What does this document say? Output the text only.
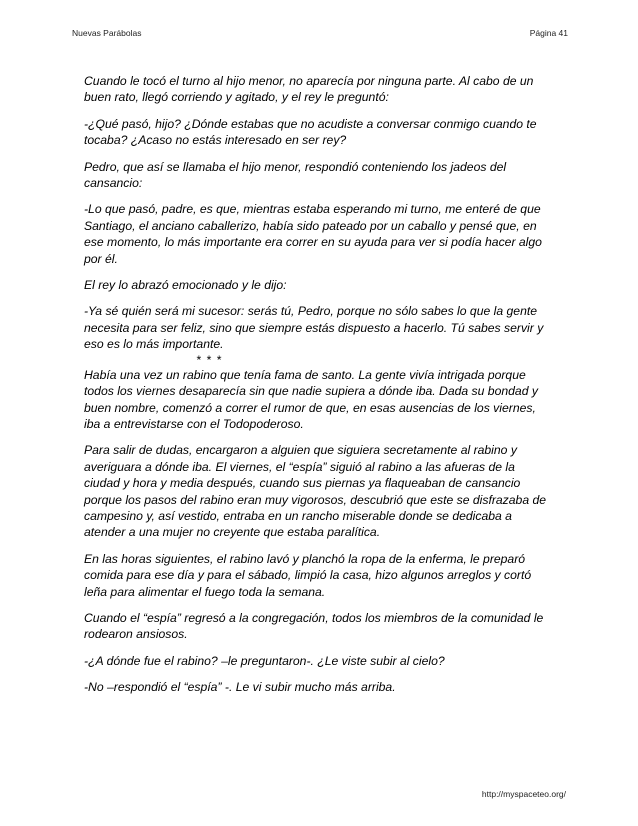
Nuevas Parábolas	Página 41

Cuando le tocó el turno al hijo menor, no aparecía por ninguna parte. Al cabo de un buen rato, llegó corriendo y agitado, y el rey le preguntó:

-¿Qué pasó, hijo? ¿Dónde estabas que no acudiste a conversar conmigo cuando te tocaba? ¿Acaso no estás interesado en ser rey?

Pedro, que así se llamaba el hijo menor, respondió conteniendo los jadeos del cansancio:

-Lo que pasó, padre, es que, mientras estaba esperando mi turno, me enteré de que Santiago, el anciano caballerizo, había sido pateado por un caballo y pensé que, en ese momento, lo más importante era correr en su ayuda para ver si podía hacer algo por él.

El rey lo abrazó emocionado y le dijo:

-Ya sé quién será mi sucesor: serás tú, Pedro, porque no sólo sabes lo que la gente necesita para ser feliz, sino que siempre estás dispuesto a hacerlo. Tú sabes servir y eso es lo más importante.

* * *

Había una vez un rabino que tenía fama de santo. La gente vivía intrigada porque todos los viernes desaparecía sin que nadie supiera a dónde iba. Dada su bondad y buen nombre, comenzó a correr el rumor de que, en esas ausencias de los viernes, iba a entrevistarse con el Todopoderoso.

Para salir de dudas, encargaron a alguien que siguiera secretamente al rabino y averiguara a dónde iba. El viernes, el “espía” siguió al rabino a las afueras de la ciudad y hora y media después, cuando sus piernas ya flaqueaban de cansancio porque los pasos del rabino eran muy vigorosos, descubrió que este se disfrazaba de campesino y, así vestido, entraba en un rancho miserable donde se dedicaba a atender a una mujer no creyente que estaba paralítica.

En las horas siguientes, el rabino lavó y planchó la ropa de la enferma, le preparó comida para ese día y para el sábado, limpió la casa, hizo algunos arreglos y cortó leña para alimentar el fuego toda la semana.

Cuando el “espía” regresó a la congregación, todos los miembros de la comunidad le rodearon ansiosos.

-¿A dónde fue el rabino? –le preguntaron-. ¿Le viste subir al cielo?

-No –respondió el “espía” -. Le vi subir mucho más arriba.

http://myspaceteo.org/
